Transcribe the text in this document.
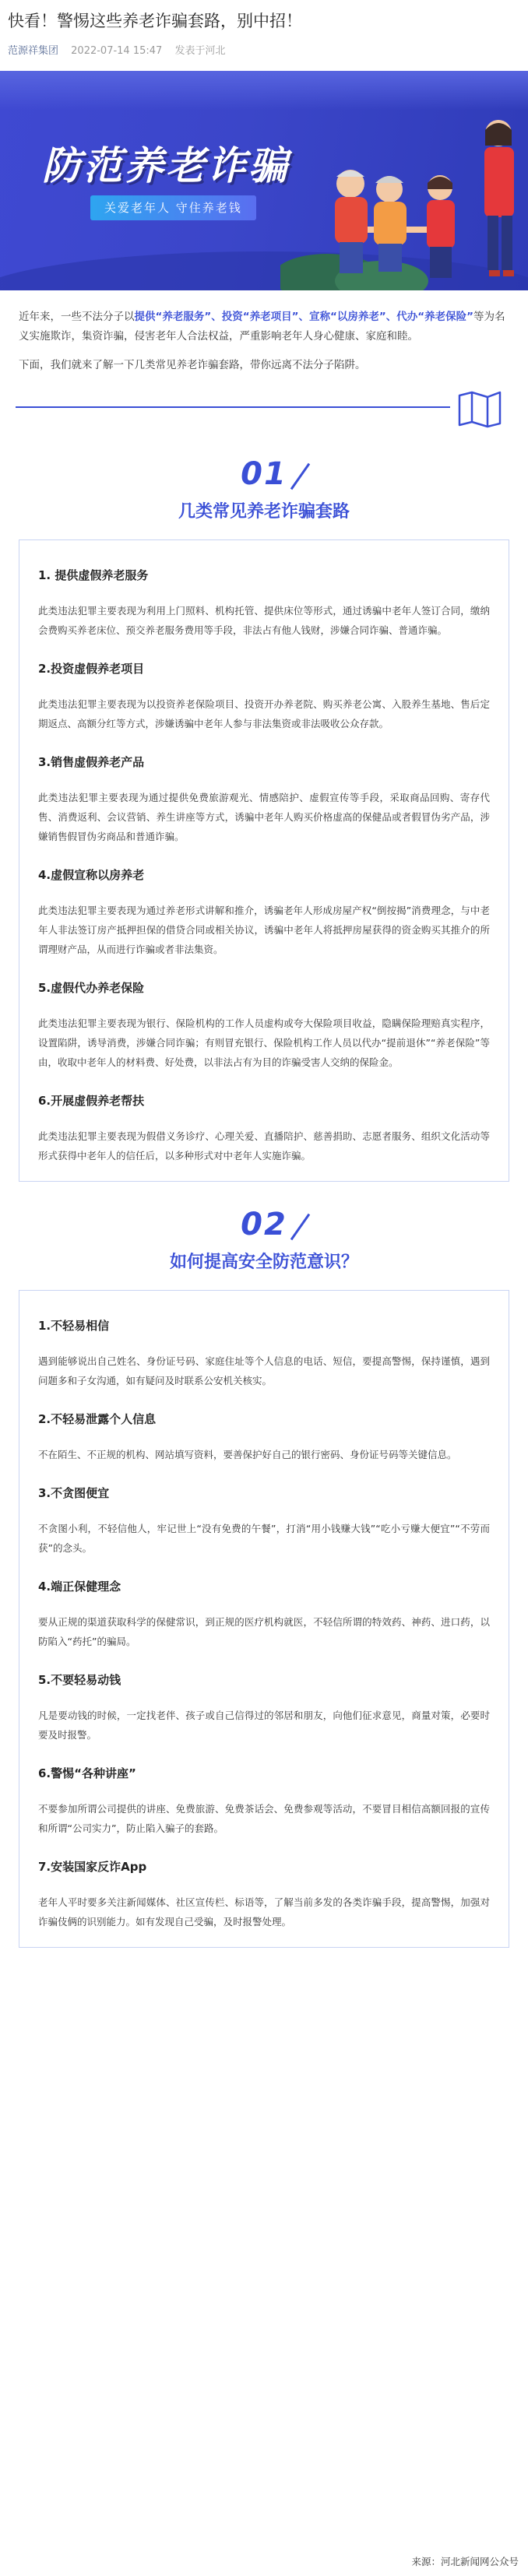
快看！警惕这些养老诈骗套路，别中招！
范源祥集团 2022-07-14 15:47 发表于河北
防范养老诈骗
关爱老年人 守住养老钱

近年来，一些不法分子以提供“养老服务”、投资“养老项目”、宣称“以房养老”、代办“养老保险”等为名义实施欺诈，集资诈骗，侵害老年人合法权益，严重影响老年人身心健康、家庭和睦。

下面，我们就来了解一下几类常见养老诈骗套路，带你远离不法分子陷阱。

01
几类常见养老诈骗套路
1. 提供虚假养老服务
此类违法犯罪主要表现为利用上门照料、机构托管、提供床位等形式，通过诱骗中老年人签订合同，缴纳会费购买养老床位、预交养老服务费用等手段，非法占有他人钱财，涉嫌合同诈骗、普通诈骗。
2.投资虚假养老项目
此类违法犯罪主要表现为以投资养老保险项目、投资开办养老院、购买养老公寓、入股养生基地、售后定期返点、高额分红等方式，涉嫌诱骗中老年人参与非法集资或非法吸收公众存款。
3.销售虚假养老产品
此类违法犯罪主要表现为通过提供免费旅游观光、情感陪护、虚假宣传等手段，采取商品回购、寄存代售、消费返利、会议营销、养生讲座等方式，诱骗中老年人购买价格虚高的保健品或者假冒伪劣产品，涉嫌销售假冒伪劣商品和普通诈骗。
4.虚假宣称以房养老
此类违法犯罪主要表现为通过养老形式讲解和推介，诱骗老年人形成房屋产权“倒按揭”消费理念，与中老年人非法签订房产抵押担保的借贷合同或相关协议，诱骗中老年人将抵押房屋获得的资金购买其推介的所谓理财产品，从而进行诈骗或者非法集资。
5.虚假代办养老保险
此类违法犯罪主要表现为银行、保险机构的工作人员虚构或夸大保险项目收益，隐瞒保险理赔真实程序，设置陷阱，诱导消费，涉嫌合同诈骗；有则冒充银行、保险机构工作人员以代办“提前退休”“养老保险”等由，收取中老年人的材料费、好处费，以非法占有为目的诈骗受害人交纳的保险金。
6.开展虚假养老帮扶
此类违法犯罪主要表现为假借义务诊疗、心理关爱、直播陪护、慈善捐助、志愿者服务、组织文化活动等形式获得中老年人的信任后，以多种形式对中老年人实施诈骗。
02
如何提高安全防范意识？
1.不轻易相信
遇到能够说出自己姓名、身份证号码、家庭住址等个人信息的电话、短信，要提高警惕，保持谨慎，遇到问题多和子女沟通，如有疑问及时联系公安机关核实。
2.不轻易泄露个人信息
不在陌生、不正规的机构、网站填写资料，要善保护好自己的银行密码、身份证号码等关键信息。
3.不贪图便宜
不贪图小利，不轻信他人，牢记世上“没有免费的午餐”，打消“用小钱赚大钱”“吃小亏赚大便宜”“不劳而获”的念头。
4.端正保健理念
要从正规的渠道获取科学的保健常识，到正规的医疗机构就医，不轻信所谓的特效药、神药、进口药，以防陷入“药托”的骗局。
5.不要轻易动钱
凡是要动钱的时候，一定找老伴、孩子或自己信得过的邻居和朋友，向他们征求意见，商量对策，必要时要及时报警。
6.警惕“各种讲座”
不要参加所谓公司提供的讲座、免费旅游、免费茶话会、免费参观等活动，不要冒目相信高额回报的宣传和所谓“公司实力”，防止陷入骗子的套路。
7.安装国家反诈App
老年人平时要多关注新闻媒体、社区宣传栏、标语等，了解当前多发的各类诈骗手段，提高警惕，加强对诈骗伎俩的识别能力。如有发现自己受骗，及时报警处理。
来源：河北新闻网公众号
